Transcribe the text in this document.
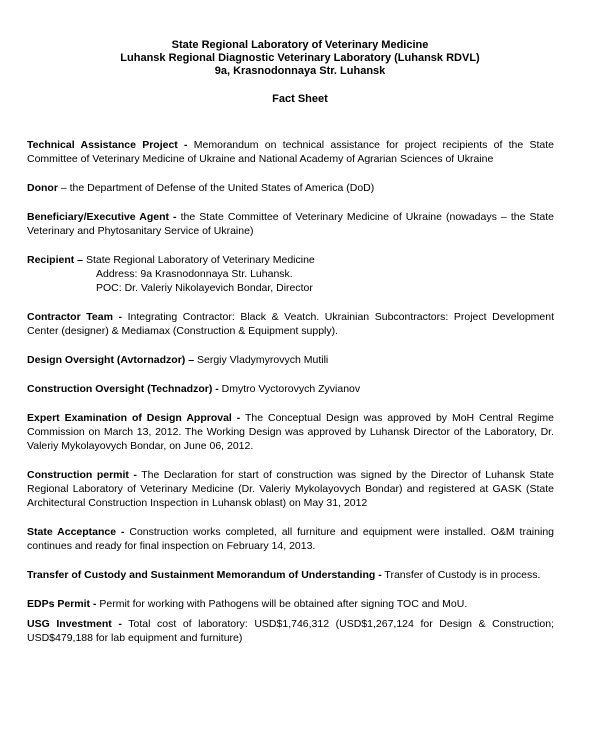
State Regional Laboratory of Veterinary Medicine
Luhansk Regional Diagnostic Veterinary Laboratory (Luhansk RDVL)
9a, Krasnodonnaya Str. Luhansk
Fact Sheet
Technical Assistance Project - Memorandum on technical assistance for project recipients of the State Committee of Veterinary Medicine of Ukraine and National Academy of Agrarian Sciences of Ukraine
Donor – the Department of Defense of the United States of America (DoD)
Beneficiary/Executive Agent - the State Committee of Veterinary Medicine of Ukraine (nowadays – the State Veterinary and Phytosanitary Service of Ukraine)
Recipient – State Regional Laboratory of Veterinary Medicine
Address: 9a Krasnodonnaya Str. Luhansk.
POC: Dr. Valeriy Nikolayevich Bondar, Director
Contractor Team - Integrating Contractor: Black & Veatch. Ukrainian Subcontractors: Project Development Center (designer) & Mediamax (Construction & Equipment supply).
Design Oversight (Avtornadzor) – Sergiy Vladymyrovych Mutili
Construction Oversight (Technadzor) - Dmytro Vyctorovych Zyvianov
Expert Examination of Design Approval - The Conceptual Design was approved by MoH Central Regime Commission on March 13, 2012. The Working Design was approved by Luhansk Director of the Laboratory, Dr. Valeriy Mykolayovych Bondar, on June 06, 2012.
Construction permit - The Declaration for start of construction was signed by the Director of Luhansk State Regional Laboratory of Veterinary Medicine (Dr. Valeriy Mykolayovych Bondar) and registered at GASK (State Architectural Construction Inspection in Luhansk oblast) on May 31, 2012
State Acceptance - Construction works completed, all furniture and equipment were installed. O&M training continues and ready for final inspection on February 14, 2013.
Transfer of Custody and Sustainment Memorandum of Understanding - Transfer of Custody is in process.
EDPs Permit - Permit for working with Pathogens will be obtained after signing TOC and MoU.
USG Investment - Total cost of laboratory: USD$1,746,312 (USD$1,267,124 for Design & Construction; USD$479,188 for lab equipment and furniture)
